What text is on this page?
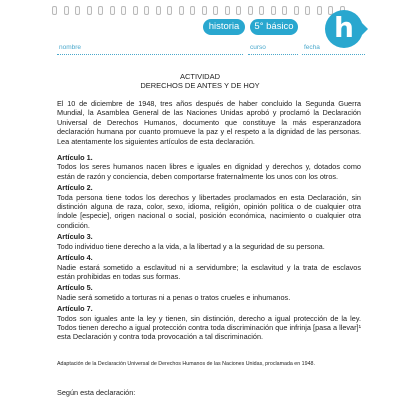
historia	5° básico	h
nombre	curso	fecha
ACTIVIDAD
DERECHOS DE ANTES Y DE HOY

El 10 de diciembre de 1948, tres años después de haber concluido la Segunda Guerra Mundial, la Asamblea General de las Naciones Unidas aprobó y proclamó la Declaración Universal de Derechos Humanos, documento que constituye la más esperanzadora declaración humana por cuanto promueve la paz y el respeto a la dignidad de las personas. Lea atentamente los siguientes artículos de esta declaración.

Artículo 1.

Todos los seres humanos nacen libres e iguales en dignidad y derechos y, dotados como están de razón y conciencia, deben comportarse fraternalmente los unos con los otros.

Artículo 2.

Toda persona tiene todos los derechos y libertades proclamados en esta Declaración, sin distinción alguna de raza, color, sexo, idioma, religión, opinión política o de cualquier otra índole [especie], origen nacional o social, posición económica, nacimiento o cualquier otra condición.

Artículo 3.

Todo individuo tiene derecho a la vida, a la libertad y a la seguridad de su persona.

Artículo 4.

Nadie estará sometido a esclavitud ni a servidumbre; la esclavitud y la trata de esclavos están prohibidas en todas sus formas.

Artículo 5.

Nadie será sometido a torturas ni a penas o tratos crueles e inhumanos.

Artículo 7.

Todos son iguales ante la ley y tienen, sin distinción, derecho a igual protección de la ley. Todos tienen derecho a igual protección contra toda discriminación que infrinja [pasa a llevar]¹ esta Declaración y contra toda provocación a tal discriminación.

Adaptación de la Declaración Universal de Derechos Humanos de las Naciones Unidas, proclamada en 1948.
Según esta declaración:
